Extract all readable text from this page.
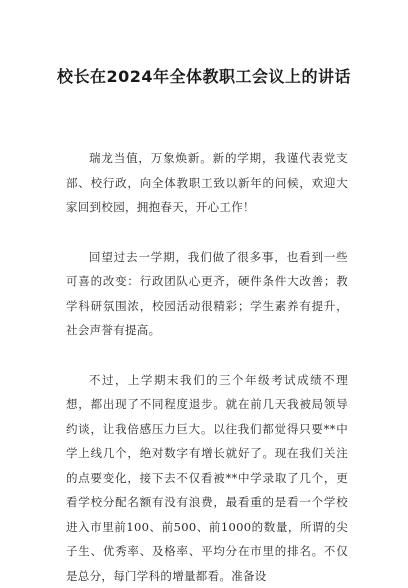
校长在2024年全体教职工会议上的讲话

瑞龙当值，万象焕新。新的学期，我谨代表党支部、校行政，向全体教职工致以新年的问候，欢迎大家回到校园，拥抱春天，开心工作！

回望过去一学期，我们做了很多事，也看到一些可喜的改变：行政团队心更齐，硬件条件大改善；教学科研氛围浓，校园活动很精彩；学生素养有提升，社会声誉有提高。

不过，上学期末我们的三个年级考试成绩不理想，都出现了不同程度退步。就在前几天我被局领导约谈，让我倍感压力巨大。以往我们都觉得只要**中学上线几个，绝对数字有增长就好了。现在我们关注的点要变化，接下去不仅看被**中学录取了几个，更看学校分配名额有没有浪费，最看重的是看一个学校进入市里前100、前500、前1000的数量，所谓的尖子生、优秀率、及格率、平均分在市里的排名。不仅是总分，每门学科的增量都看。准备设
